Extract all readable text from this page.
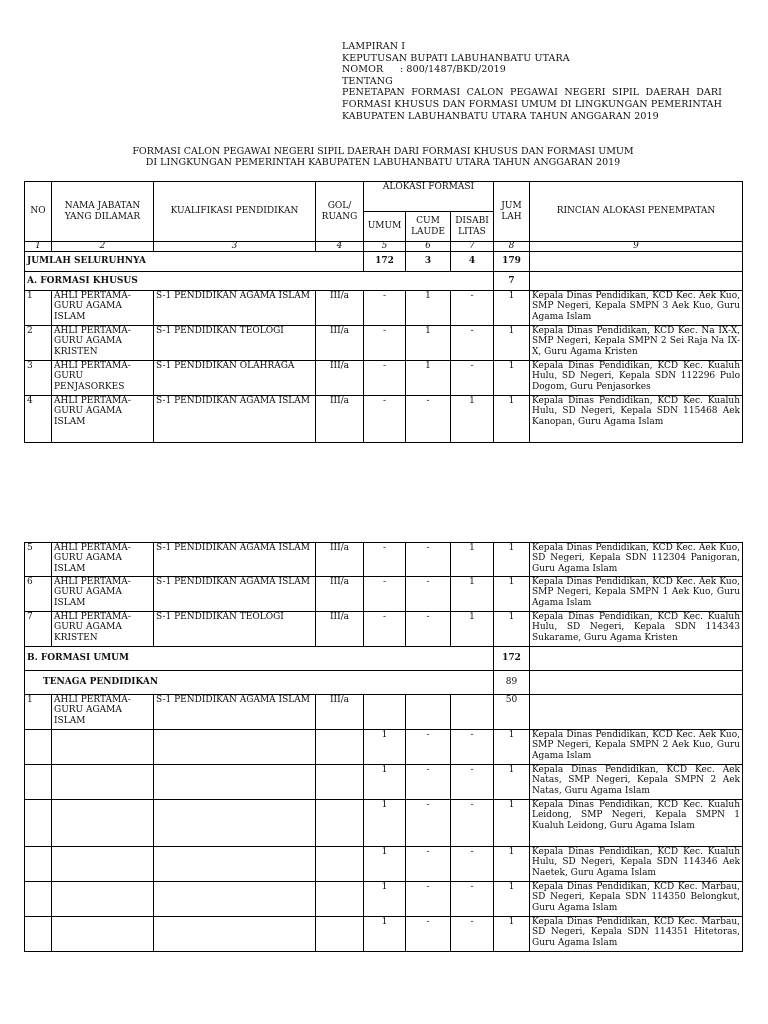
LAMPIRAN I
KEPUTUSAN BUPATI LABUHANBATU UTARA
NOMOR : 800/1487/BKD/2019
TENTANG
PENETAPAN FORMASI CALON PEGAWAI NEGERI SIPIL DAERAH DARI
FORMASI KHUSUS DAN FORMASI UMUM DI LINGKUNGAN PEMERINTAH
KABUPATEN LABUHANBATU UTARA TAHUN ANGGARAN 2019
FORMASI CALON PEGAWAI NEGERI SIPIL DAERAH DARI FORMASI KHUSUS DAN FORMASI UMUM
DI LINGKUNGAN PEMERINTAH KABUPATEN LABUHANBATU UTARA TAHUN ANGGARAN 2019
NO	NAMA JABATAN YANG DILAMAR	KUALIFIKASI PENDIDIKAN	GOL/ RUANG	ALOKASI FORMASI			JUM LAH	RINCIAN ALOKASI PENEMPATAN
				UMUM	CUM LAUDE	DISABI LITAS		
1	2	3	4	5	6	7	8	9
JUMLAH SELURUHNYA				172	3	4	179	
A. FORMASI KHUSUS							7	
1	AHLI PERTAMA- GURU AGAMA ISLAM	S-1 PENDIDIKAN AGAMA ISLAM	III/a	-	1	-	1	Kepala Dinas Pendidikan, KCD Kec. Aek Kuo, SMP Negeri, Kepala SMPN 3 Aek Kuo, Guru Agama Islam
2	AHLI PERTAMA- GURU AGAMA KRISTEN	S-1 PENDIDIKAN TEOLOGI	III/a	-	1	-	1	Kepala Dinas Pendidikan, KCD Kec. Na IX-X, SMP Negeri, Kepala SMPN 2 Sei Raja Na IX-X, Guru Agama Kristen
3	AHLI PERTAMA- GURU PENJASORKES	S-1 PENDIDIKAN OLAHRAGA	III/a	-	1	-	1	Kepala Dinas Pendidikan, KCD Kec. Kualuh Hulu, SD Negeri, Kepala SDN 112296 Pulo Dogom, Guru Penjasorkes
4	AHLI PERTAMA- GURU AGAMA ISLAM	S-1 PENDIDIKAN AGAMA ISLAM	III/a	-	-	1	1	Kepala Dinas Pendidikan, KCD Kec. Kualuh Hulu, SD Negeri, Kepala SDN 115468 Aek Kanopan, Guru Agama Islam
5	AHLI PERTAMA- GURU AGAMA ISLAM	S-1 PENDIDIKAN AGAMA ISLAM	III/a	-	-	1	1	Kepala Dinas Pendidikan, KCD Kec. Aek Kuo, SD Negeri, Kepala SDN 112304 Panigoran, Guru Agama Islam
6	AHLI PERTAMA- GURU AGAMA ISLAM	S-1 PENDIDIKAN AGAMA ISLAM	III/a	-	-	1	1	Kepala Dinas Pendidikan, KCD Kec. Aek Kuo, SMP Negeri, Kepala SMPN 1 Aek Kuo, Guru Agama Islam
7	AHLI PERTAMA- GURU AGAMA KRISTEN	S-1 PENDIDIKAN TEOLOGI	III/a	-	-	1	1	Kepala Dinas Pendidikan, KCD Kec. Kualuh Hulu, SD Negeri, Kepala SDN 114343 Sukarame, Guru Agama Kristen
B. FORMASI UMUM							172	
TENAGA PENDIDIKAN							89	
1	AHLI PERTAMA- GURU AGAMA ISLAM	S-1 PENDIDIKAN AGAMA ISLAM	III/a				50	
				1	-	-	1	Kepala Dinas Pendidikan, KCD Kec. Aek Kuo, SMP Negeri, Kepala SMPN 2 Aek Kuo, Guru Agama Islam
				1	-	-	1	Kepala Dinas Pendidikan, KCD Kec. Aek Natas, SMP Negeri, Kepala SMPN 2 Aek Natas, Guru Agama Islam
				1	-	-	1	Kepala Dinas Pendidikan, KCD Kec. Kualuh Leidong, SMP Negeri, Kepala SMPN 1 Kualuh Leidong, Guru Agama Islam
				1	-	-	1	Kepala Dinas Pendidikan, KCD Kec. Kualuh Hulu, SD Negeri, Kepala SDN 114346 Aek Naetek, Guru Agama Islam
				1	-	-	1	Kepala Dinas Pendidikan, KCD Kec. Marbau, SD Negeri, Kepala SDN 114350 Belongkut, Guru Agama Islam
				1	-	-	1	Kepala Dinas Pendidikan, KCD Kec. Marbau, SD Negeri, Kepala SDN 114351 Hitetoras, Guru Agama Islam
